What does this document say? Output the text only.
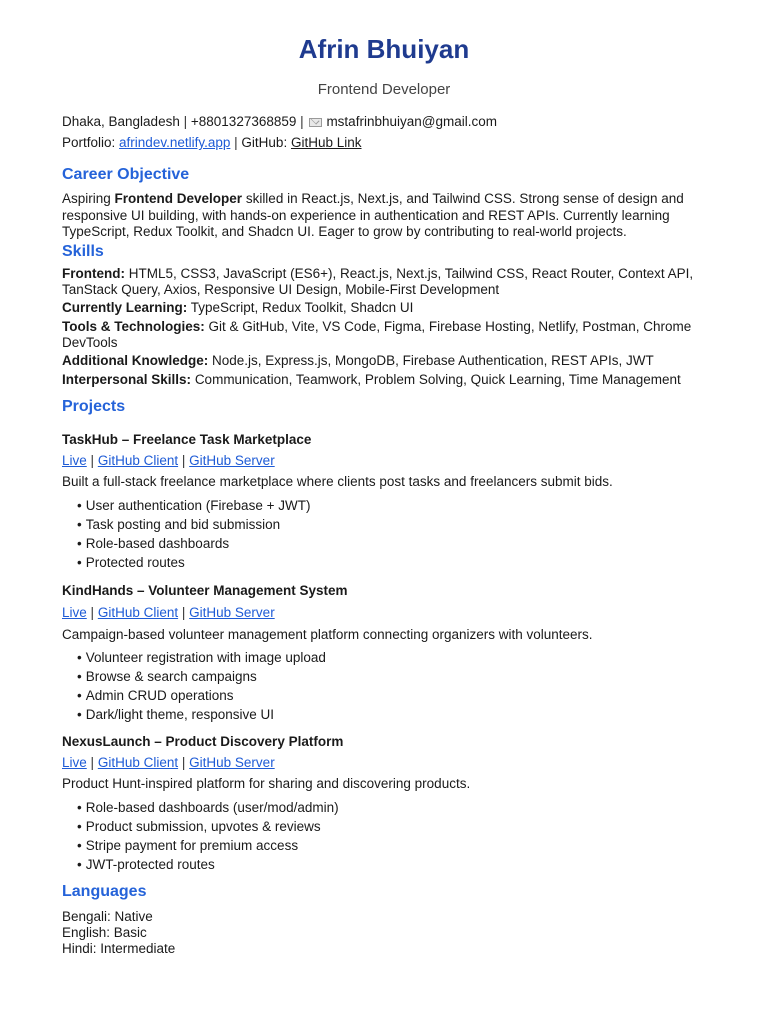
Afrin Bhuiyan
Frontend Developer
Dhaka, Bangladesh | +8801327368859 | mstafrinbhuiyan@gmail.com
Portfolio: afrindev.netlify.app | GitHub: GitHub Link
Career Objective
Aspiring Frontend Developer skilled in React.js, Next.js, and Tailwind CSS. Strong sense of design and
responsive UI building, with hands-on experience in authentication and REST APIs. Currently learning
TypeScript, Redux Toolkit, and Shadcn UI. Eager to grow by contributing to real-world projects.
Skills
Frontend: HTML5, CSS3, JavaScript (ES6+), React.js, Next.js, Tailwind CSS, React Router, Context API,
TanStack Query, Axios, Responsive UI Design, Mobile-First Development
Currently Learning: TypeScript, Redux Toolkit, Shadcn UI
Tools & Technologies: Git & GitHub, Vite, VS Code, Figma, Firebase Hosting, Netlify, Postman, Chrome
DevTools
Additional Knowledge: Node.js, Express.js, MongoDB, Firebase Authentication, REST APIs, JWT
Interpersonal Skills: Communication, Teamwork, Problem Solving, Quick Learning, Time Management
Projects
TaskHub – Freelance Task Marketplace
Live | GitHub Client | GitHub Server
Built a full-stack freelance marketplace where clients post tasks and freelancers submit bids.
• User authentication (Firebase + JWT)
• Task posting and bid submission
• Role-based dashboards
• Protected routes
KindHands – Volunteer Management System
Live | GitHub Client | GitHub Server
Campaign-based volunteer management platform connecting organizers with volunteers.
• Volunteer registration with image upload
• Browse & search campaigns
• Admin CRUD operations
• Dark/light theme, responsive UI
NexusLaunch – Product Discovery Platform
Live | GitHub Client | GitHub Server
Product Hunt-inspired platform for sharing and discovering products.
• Role-based dashboards (user/mod/admin)
• Product submission, upvotes & reviews
• Stripe payment for premium access
• JWT-protected routes
Languages
Bengali: Native
English: Basic
Hindi: Intermediate
